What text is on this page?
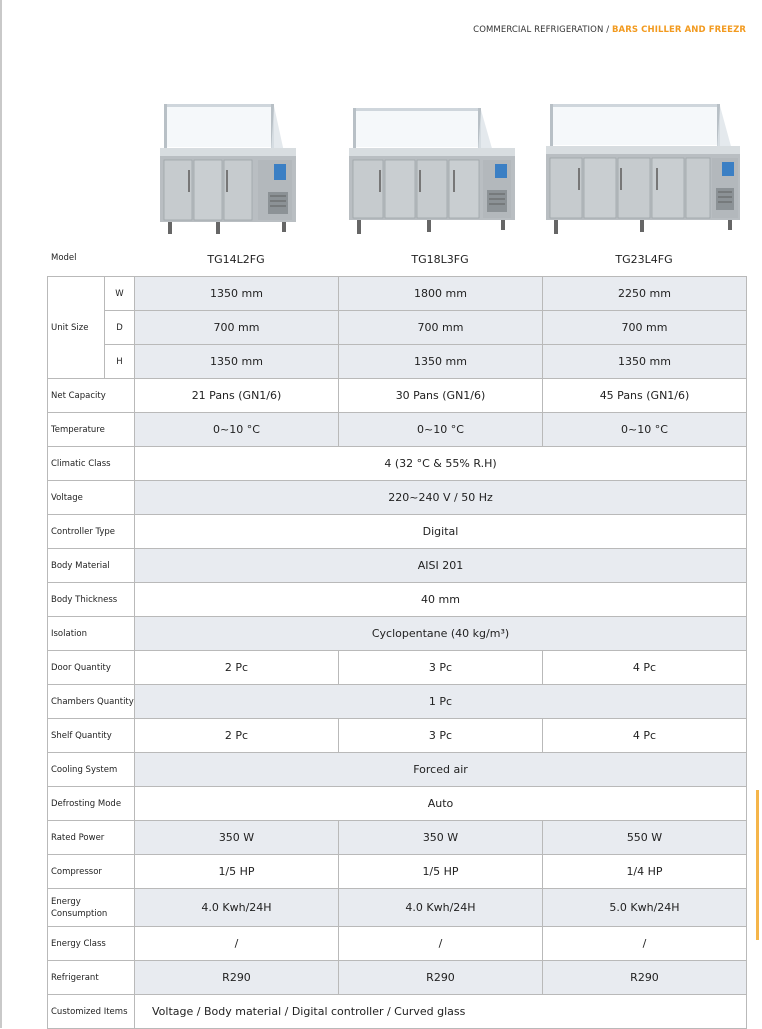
COMMERCIAL REFRIGERATION / BARS CHILLER AND FREEZR
Model	TG14L2FG	TG18L3FG	TG23L4FG
Unit Size	W	1350 mm	1800 mm	2250 mm
	D	700 mm	700 mm	700 mm
	H	1350 mm	1350 mm	1350 mm
Net Capacity		21 Pans (GN1/6)	30 Pans (GN1/6)	45 Pans (GN1/6)
Temperature		0~10 °C	0~10 °C	0~10 °C
Climatic Class		4 (32 °C & 55% R.H)		
Voltage		220~240 V / 50 Hz		
Controller Type		Digital		
Body Material		AISI 201		
Body Thickness		40 mm		
Isolation		Cyclopentane (40 kg/m³)		
Door Quantity		2 Pc	3 Pc	4 Pc
Chambers Quantity		1 Pc		
Shelf Quantity		2 Pc	3 Pc	4 Pc
Cooling System		Forced air		
Defrosting Mode		Auto		
Rated Power		350 W	350 W	550 W
Compressor		1/5 HP	1/5 HP	1/4 HP
Energy
Consumption		4.0 Kwh/24H	4.0 Kwh/24H	5.0 Kwh/24H
Energy Class		/	/	/
Refrigerant		R290	R290	R290
Customized Items		Voltage / Body material / Digital controller / Curved glass		
